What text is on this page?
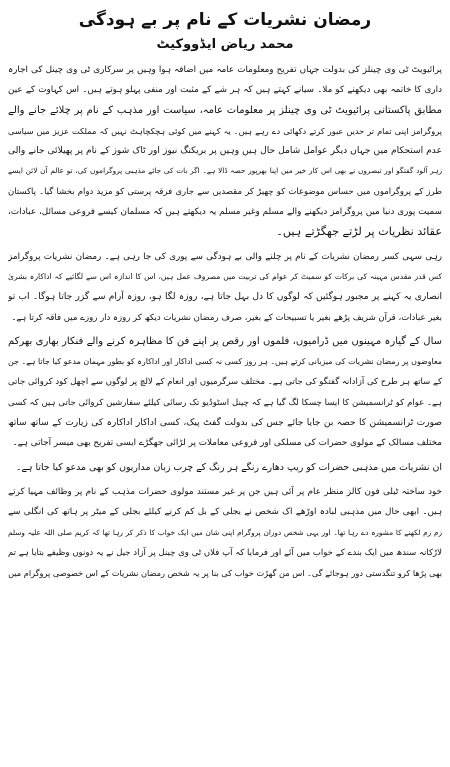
رمضان نشریات کے نام پر بے ہودگی
محمد ریاض ایڈووکیٹ
پرائیویٹ ٹی وی چینلز کی بدولت جہاں تفریح ومعلومات عامہ میں اضافہ ہوا وہیں پر سرکاری ٹی وی چینل کی اجارہ
داری کا خاتمہ بھی دیکھنے کو ملا۔ سیانے کہتے ہیں کہ ہر شے کے مثبت اور منفی پہلو ہوتے ہیں۔ اس کہاوت کے عین
مطابق پاکستانی پرائیویٹ ٹی وی چینلز پر معلومات عامہ، سیاست اور مذہب کے نام پر چلائے جانے والے
پروگرامز اپنی تمام تر حدیں عبور کرتے دکھائی دے رہے ہیں۔ یہ کہنے میں کوئی ہچکچاہٹ نہیں کہ مملکت عزیز میں سیاسی
عدم استحکام میں جہاں دیگر عوامل شامل حال ہیں وہیں پر بریکنگ نیوز اور ٹاک شوز کے نام پر پھیلائی جانے والی
زہر آلود گفتگو اور تبصروں نے بھی اس کار خیر میں اپنا بھرپور حصہ ڈالا ہے۔ اگر بات کی جائے مذہبی پروگراموں کی، تو عالم آن لائن ایسے
طرز کے پروگراموں میں حساس موضوعات کو چھیڑ کر مقصدیں سے جاری فرقہ پرستی کو مزید دوام بخشا گیا۔ پاکستان
سمیت پوری دنیا میں پروگرامز دیکھنے والے مسلم وغیر مسلم یہ دیکھتے ہیں کہ مسلمان کیسے فروعی مسائل، عبادات،
عقائد نظریات پر لڑتے جھگڑتے ہیں۔
رہی سہی کسر رمضان نشریات کے نام پر چلنے والی بے ہودگی سے پوری کی جا رہی ہے۔ رمضان نشریات پروگرامز
کس قدر مقدس مہینہ کی برکات کو سمیٹ کر عوام کی تربیت میں مصروف عمل ہیں، اس کا اندازہ اس سے لگائیے کہ اداکارہ بشریٰ
انصاری یہ کہنے پر مجبور ہوگئیں کہ لوگوں کا دل بہل جاتا ہے، روزہ لگا ہو، روزہ آرام سے گزر جاتا ہوگا۔ اب تو
بغیر عبادات، قرآن شریف پڑھے بغیر یا تسبیحات کے بغیر، صرف رمضان نشریات دیکھ کر روزہ دار روزے میں فاقہ کرتا ہے۔
سال کے گیارہ مہینوں میں ڈرامیوں، فلموں اور رقص پر اپنے فن کا مظاہرہ کرنے والے فنکار بھاری بھرکم
معاوضوں پر رمضان نشریات کی میزبانی کرتے ہیں۔ ہر روز کسی نہ کسی اداکار اور اداکارہ کو بطور مہمان مدعو کیا جاتا ہے۔ جن
کے ساتھ ہر طرح کی آزادانہ گفتگو کی جاتی ہے۔ مختلف سرگرمیوں اور انعام کے لالچ پر لوگوں سے اچھل کود کروائی جاتی
ہے۔ عوام کو ٹرانسمیشن کا ایسا چسکا لگ گیا ہے کہ چینل اسٹوڈیو تک رسائی کیلئے سفارشیں کروائی جاتی ہیں کہ کسی
صورت ٹرانسمیشن کا حصہ بن جایا جائے جس کی بدولت گفٹ پیک، کسی اداکار اداکارہ کی زیارت کے ساتھ ساتھ
مختلف مسالک کے مولوی حضرات کی مسلکی اور فروعی معاملات پر لڑائی جھگڑے ایسی تفریح بھی میسر آجاتی ہے۔
ان نشریات میں مذہبی حضرات کو ریپ دھارے رنگے ہر رنگ کے چرب زبان مداریوں کو بھی مدعو کیا جاتا ہے۔
خود ساختہ ٹیلی فون کالز منظر عام پر آئی ہیں جن پر غیر مستند مولوی حضرات مذہب کے نام پر وظائف مہیا کرتے
ہیں۔ ابھی حال میں مذہبی لبادہ اوڑھے اک شخص نے بجلی کے بل کم کرنے کیلئے بجلی کے میٹر پر ہاتھ کی انگلی سے
زم زم لکھنے کا مشورہ دے رہا تھا۔ اور یہی شخص دوران پروگرام اپنی شان میں ایک خواب کا ذکر کر رہا تھا کہ کریم صلی اللہ علیہ وسلم
لاڑکانہ سندھ میں ایک بندے کے خواب میں آئے اور فرمایا کہ آپ فلاں ٹی وی چینل پر آزاد جیل نے یہ دونوں وظیفے بتایا ہے تم
بھی پڑھا کرو تنگدستی دور ہوجائے گی۔ اس من گھڑت خواب کی بنا پر یہ شخص رمضان نشریات کے اس خصوصی پروگرام میں
